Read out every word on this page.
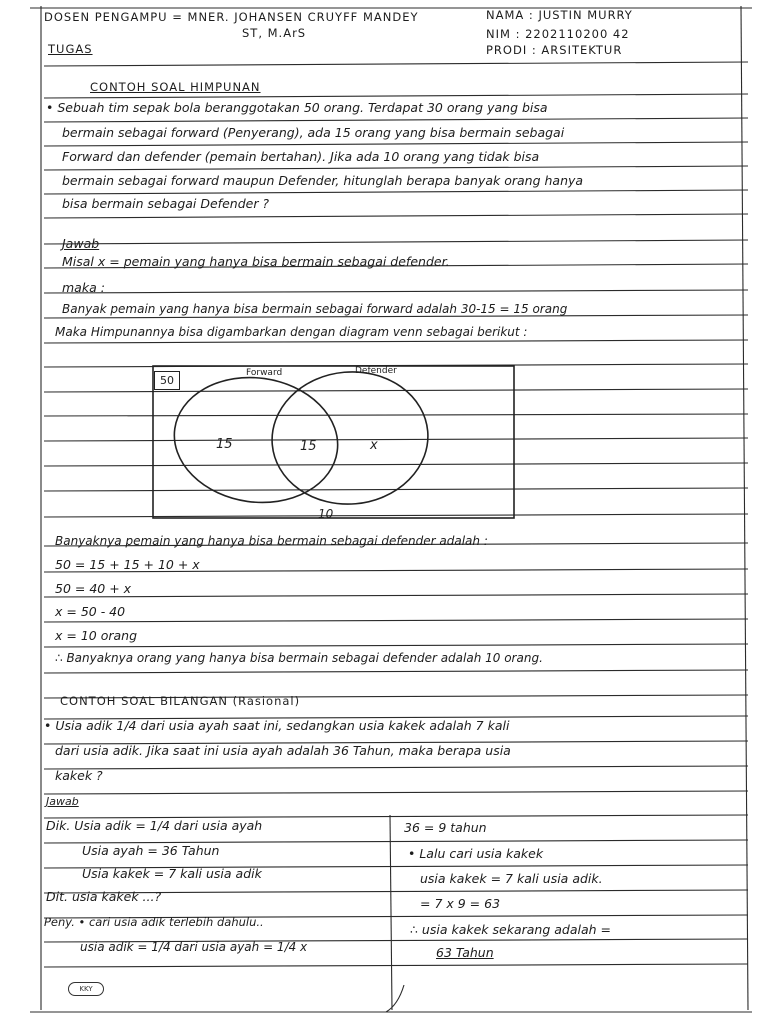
50
Forward	Defender
15	15	x
10
DOSEN PENGAMPU = MNER. JOHANSEN CRUYFF MANDEY
ST, M.ArS
TUGAS
NAMA : JUSTIN MURRY
NIM : 2202110200 42
PRODI : ARSITEKTUR
CONTOH SOAL HIMPUNAN
• Sebuah tim sepak bola beranggotakan 50 orang. Terdapat 30 orang yang bisa
bermain sebagai forward (Penyerang), ada 15 orang yang bisa bermain sebagai
Forward dan defender (pemain bertahan). Jika ada 10 orang yang tidak bisa
bermain sebagai forward maupun Defender, hitunglah berapa banyak orang hanya
bisa bermain sebagai Defender ?
Jawab
Misal x = pemain yang hanya bisa bermain sebagai defender.
maka :
Banyak pemain yang hanya bisa bermain sebagai forward adalah 30-15 = 15 orang
Maka Himpunannya bisa digambarkan dengan diagram venn sebagai berikut :
Banyaknya pemain yang hanya bisa bermain sebagai defender adalah :
50 = 15 + 15 + 10 + x
50 = 40 + x
x = 50 - 40
x = 10 orang
∴ Banyaknya orang yang hanya bisa bermain sebagai defender adalah 10 orang.
CONTOH SOAL BILANGAN (Rasional)
• Usia adik 1/4 dari usia ayah saat ini, sedangkan usia kakek adalah 7 kali
dari usia adik. Jika saat ini usia ayah adalah 36 Tahun, maka berapa usia
kakek ?
Jawab
Dik. Usia adik = 1/4 dari usia ayah
Usia ayah = 36 Tahun
Usia kakek = 7 kali usia adik
Dit. usia kakek ...?
Peny. • cari usia adik terlebih dahulu..
usia adik = 1/4 dari usia ayah = 1/4 x
36 = 9 tahun
• Lalu cari usia kakek
usia kakek = 7 kali usia adik.
= 7 x 9 = 63
∴ usia kakek sekarang adalah =
63 Tahun
KKY
